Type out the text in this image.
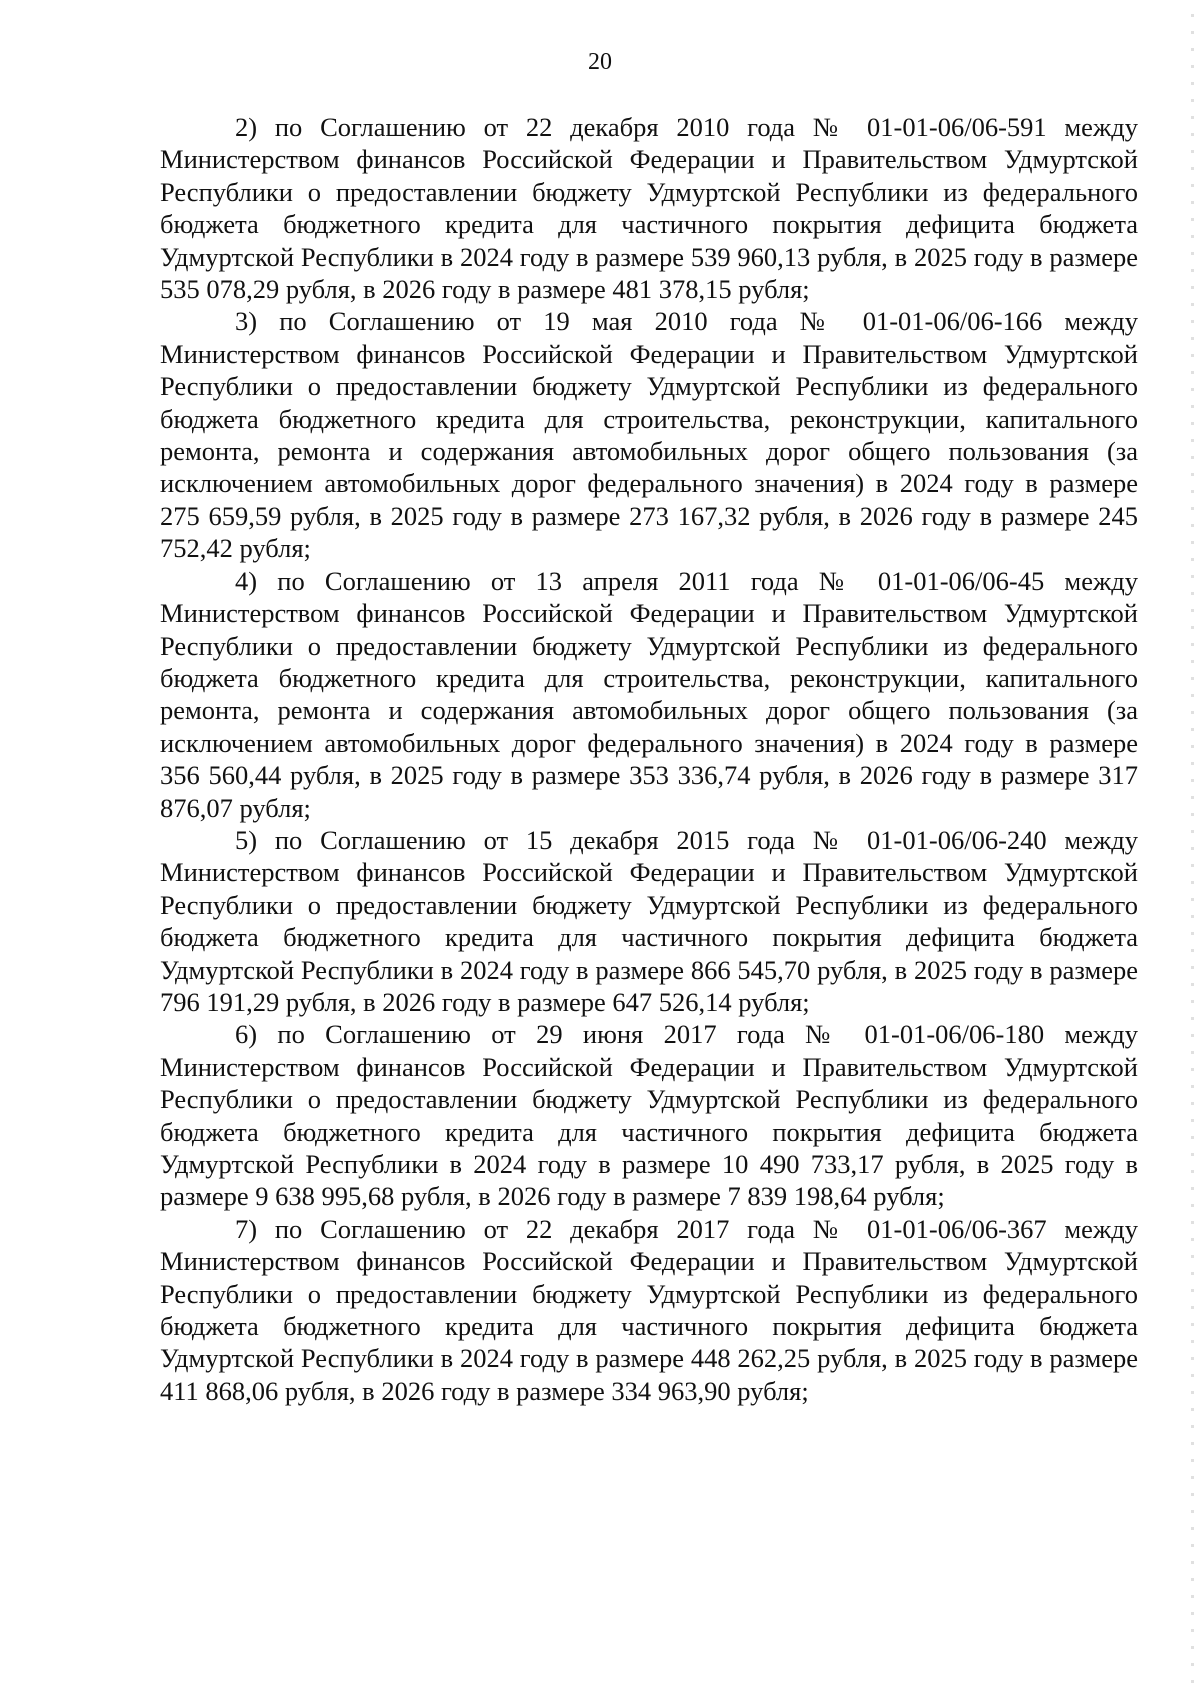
20

2) по Соглашению от 22 декабря 2010 года № 01-01-06/06-591 между Министерством финансов Российской Федерации и Правительством Удмуртской Республики о предоставлении бюджету Удмуртской Республики из федерального бюджета бюджетного кредита для частичного покрытия дефицита бюджета Удмуртской Республики в 2024 году в размере 539 960,13 рубля, в 2025 году в размере 535 078,29 рубля, в 2026 году в размере 481 378,15 рубля;

3) по Соглашению от 19 мая 2010 года № 01-01-06/06-166 между Министерством финансов Российской Федерации и Правительством Удмуртской Республики о предоставлении бюджету Удмуртской Республики из федерального бюджета бюджетного кредита для строительства, реконструкции, капитального ремонта, ремонта и содержания автомобильных дорог общего пользования (за исключением автомобильных дорог федерального значения) в 2024 году в размере 275 659,59 рубля, в 2025 году в размере 273 167,32 рубля, в 2026 году в размере 245 752,42 рубля;

4) по Соглашению от 13 апреля 2011 года № 01-01-06/06-45 между Министерством финансов Российской Федерации и Правительством Удмуртской Республики о предоставлении бюджету Удмуртской Республики из федерального бюджета бюджетного кредита для строительства, реконструкции, капитального ремонта, ремонта и содержания автомобильных дорог общего пользования (за исключением автомобильных дорог федерального значения) в 2024 году в размере 356 560,44 рубля, в 2025 году в размере 353 336,74 рубля, в 2026 году в размере 317 876,07 рубля;

5) по Соглашению от 15 декабря 2015 года № 01-01-06/06-240 между Министерством финансов Российской Федерации и Правительством Удмуртской Республики о предоставлении бюджету Удмуртской Республики из федерального бюджета бюджетного кредита для частичного покрытия дефицита бюджета Удмуртской Республики в 2024 году в размере 866 545,70 рубля, в 2025 году в размере 796 191,29 рубля, в 2026 году в размере 647 526,14 рубля;

6) по Соглашению от 29 июня 2017 года № 01-01-06/06-180 между Министерством финансов Российской Федерации и Правительством Удмуртской Республики о предоставлении бюджету Удмуртской Республики из федерального бюджета бюджетного кредита для частичного покрытия дефицита бюджета Удмуртской Республики в 2024 году в размере 10 490 733,17 рубля, в 2025 году в размере 9 638 995,68 рубля, в 2026 году в размере 7 839 198,64 рубля;

7) по Соглашению от 22 декабря 2017 года № 01-01-06/06-367 между Министерством финансов Российской Федерации и Правительством Удмуртской Республики о предоставлении бюджету Удмуртской Республики из федерального бюджета бюджетного кредита для частичного покрытия дефицита бюджета Удмуртской Республики в 2024 году в размере 448 262,25 рубля, в 2025 году в размере 411 868,06 рубля, в 2026 году в размере 334 963,90 рубля;
